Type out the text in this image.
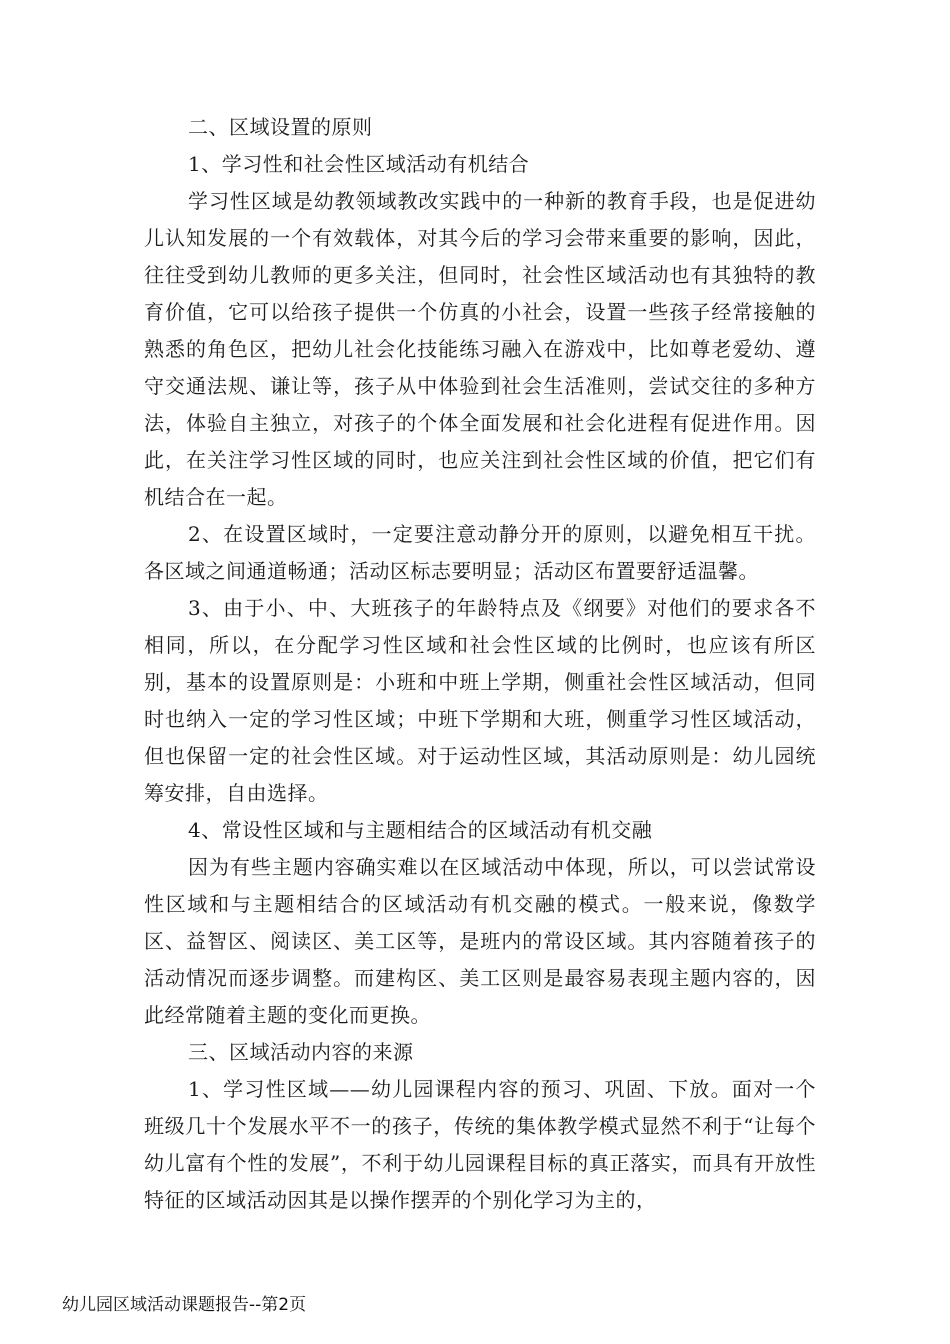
二、区域设置的原则

1、学习性和社会性区域活动有机结合

学习性区域是幼教领域教改实践中的一种新的教育手段，也是促进幼儿认知发展的一个有效载体，对其今后的学习会带来重要的影响，因此，往往受到幼儿教师的更多关注，但同时，社会性区域活动也有其独特的教育价值，它可以给孩子提供一个仿真的小社会，设置一些孩子经常接触的熟悉的角色区，把幼儿社会化技能练习融入在游戏中，比如尊老爱幼、遵守交通法规、谦让等，孩子从中体验到社会生活准则，尝试交往的多种方法，体验自主独立，对孩子的个体全面发展和社会化进程有促进作用。因此，在关注学习性区域的同时，也应关注到社会性区域的价值，把它们有机结合在一起。

2、在设置区域时，一定要注意动静分开的原则，以避免相互干扰。各区域之间通道畅通；活动区标志要明显；活动区布置要舒适温馨。

3、由于小、中、大班孩子的年龄特点及《纲要》对他们的要求各不相同，所以，在分配学习性区域和社会性区域的比例时，也应该有所区别，基本的设置原则是：小班和中班上学期，侧重社会性区域活动，但同时也纳入一定的学习性区域；中班下学期和大班，侧重学习性区域活动，但也保留一定的社会性区域。对于运动性区域，其活动原则是：幼儿园统筹安排，自由选择。

4、常设性区域和与主题相结合的区域活动有机交融

因为有些主题内容确实难以在区域活动中体现，所以，可以尝试常设性区域和与主题相结合的区域活动有机交融的模式。一般来说，像数学区、益智区、阅读区、美工区等，是班内的常设区域。其内容随着孩子的活动情况而逐步调整。而建构区、美工区则是最容易表现主题内容的，因此经常随着主题的变化而更换。

三、区域活动内容的来源

1、学习性区域——幼儿园课程内容的预习、巩固、下放。面对一个班级几十个发展水平不一的孩子，传统的集体教学模式显然不利于“让每个幼儿富有个性的发展”，不利于幼儿园课程目标的真正落实，而具有开放性特征的区域活动因其是以操作摆弄的个别化学习为主的，

幼儿园区域活动课题报告--第2页
